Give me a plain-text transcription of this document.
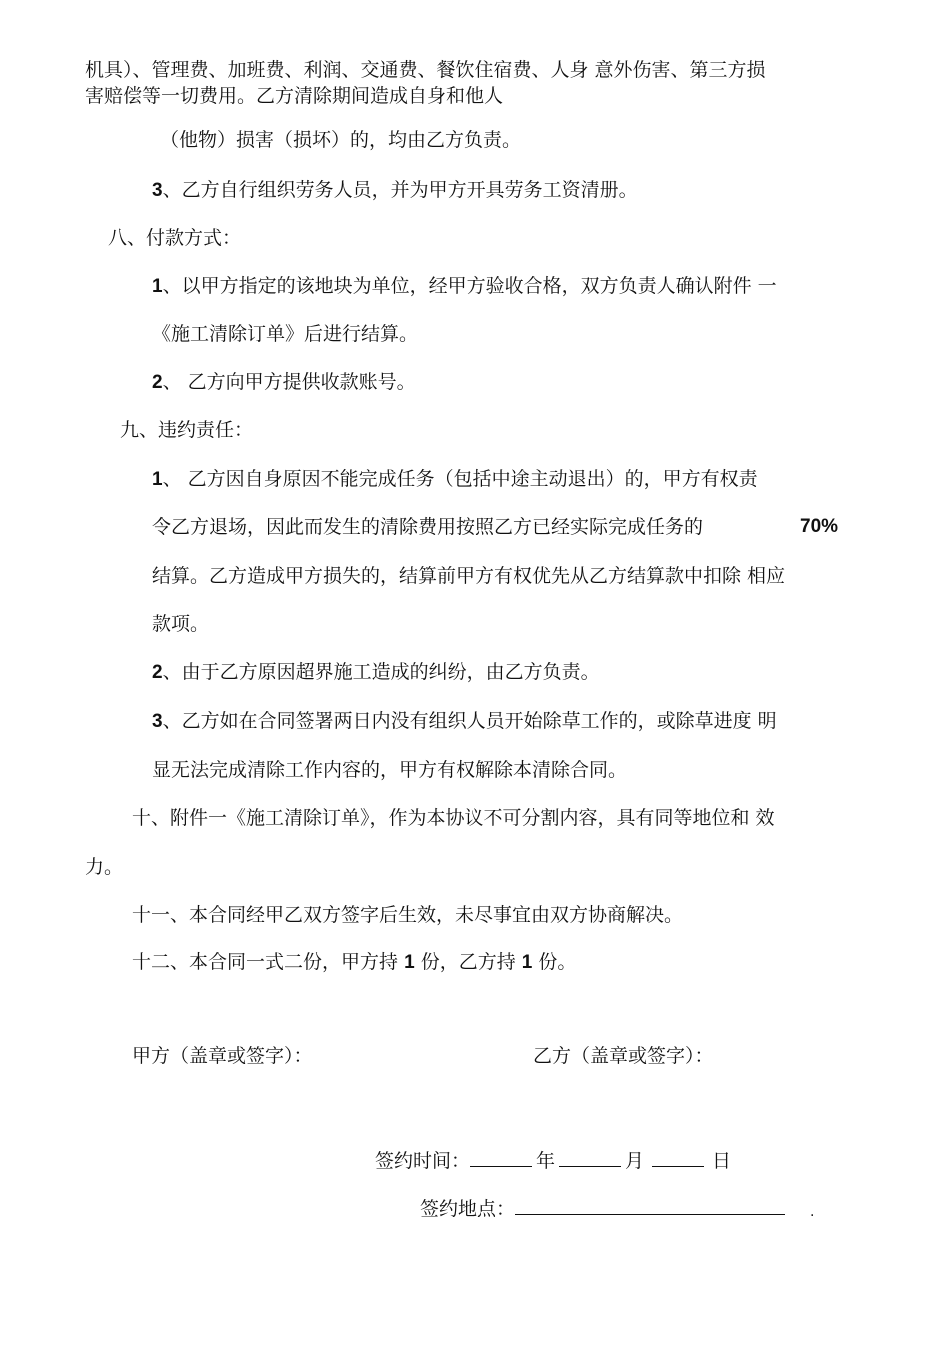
机具）、管理费、加班费、利润、交通费、餐饮住宿费、人身 意外伤害、第三方损
害赔偿等一切费用。乙方清除期间造成自身和他人
（他物）损害（损坏）的，均由乙方负责。
3、乙方自行组织劳务人员，并为甲方开具劳务工资清册。
八、付款方式：
1、以甲方指定的该地块为单位，经甲方验收合格，双方负责人确认附件 一
《施工清除订单》后进行结算。
2、 乙方向甲方提供收款账号。
九、违约责任：
1、 乙方因自身原因不能完成任务（包括中途主动退出）的，甲方有权责
令乙方退场，因此而发生的清除费用按照乙方已经实际完成任务的	70%
结算。乙方造成甲方损失的，结算前甲方有权优先从乙方结算款中扣除 相应
款项。
2、由于乙方原因超界施工造成的纠纷，由乙方负责。
3、乙方如在合同签署两日内没有组织人员开始除草工作的，或除草进度 明
显无法完成清除工作内容的，甲方有权解除本清除合同。
十、附件一《施工清除订单》，作为本协议不可分割内容，具有同等地位和 效
力。
十一、本合同经甲乙双方签字后生效，未尽事宜由双方协商解决。
十二、本合同一式二份，甲方持 1 份，乙方持 1 份。
甲方（盖章或签字）：	乙方（盖章或签字）：
签约时间：	年	月	日
签约地点：	.
